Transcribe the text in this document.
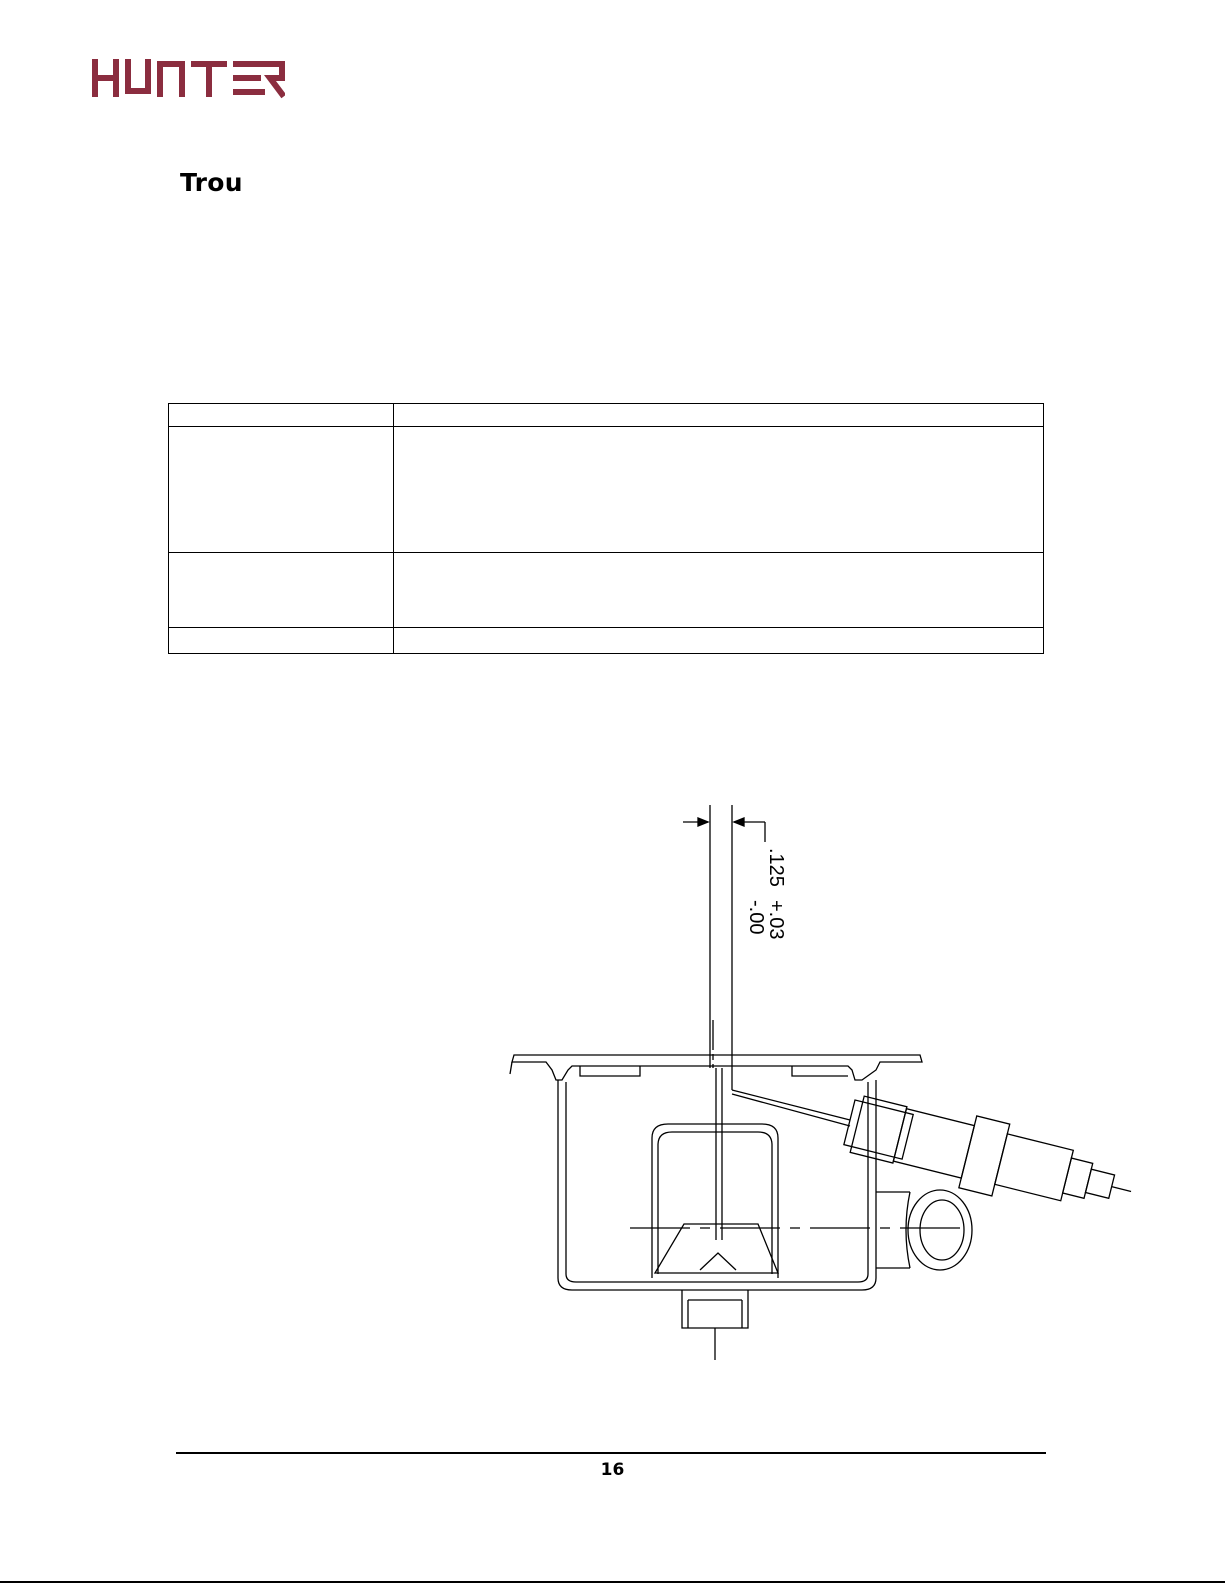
Trou

.125
+.03
-.00
16
